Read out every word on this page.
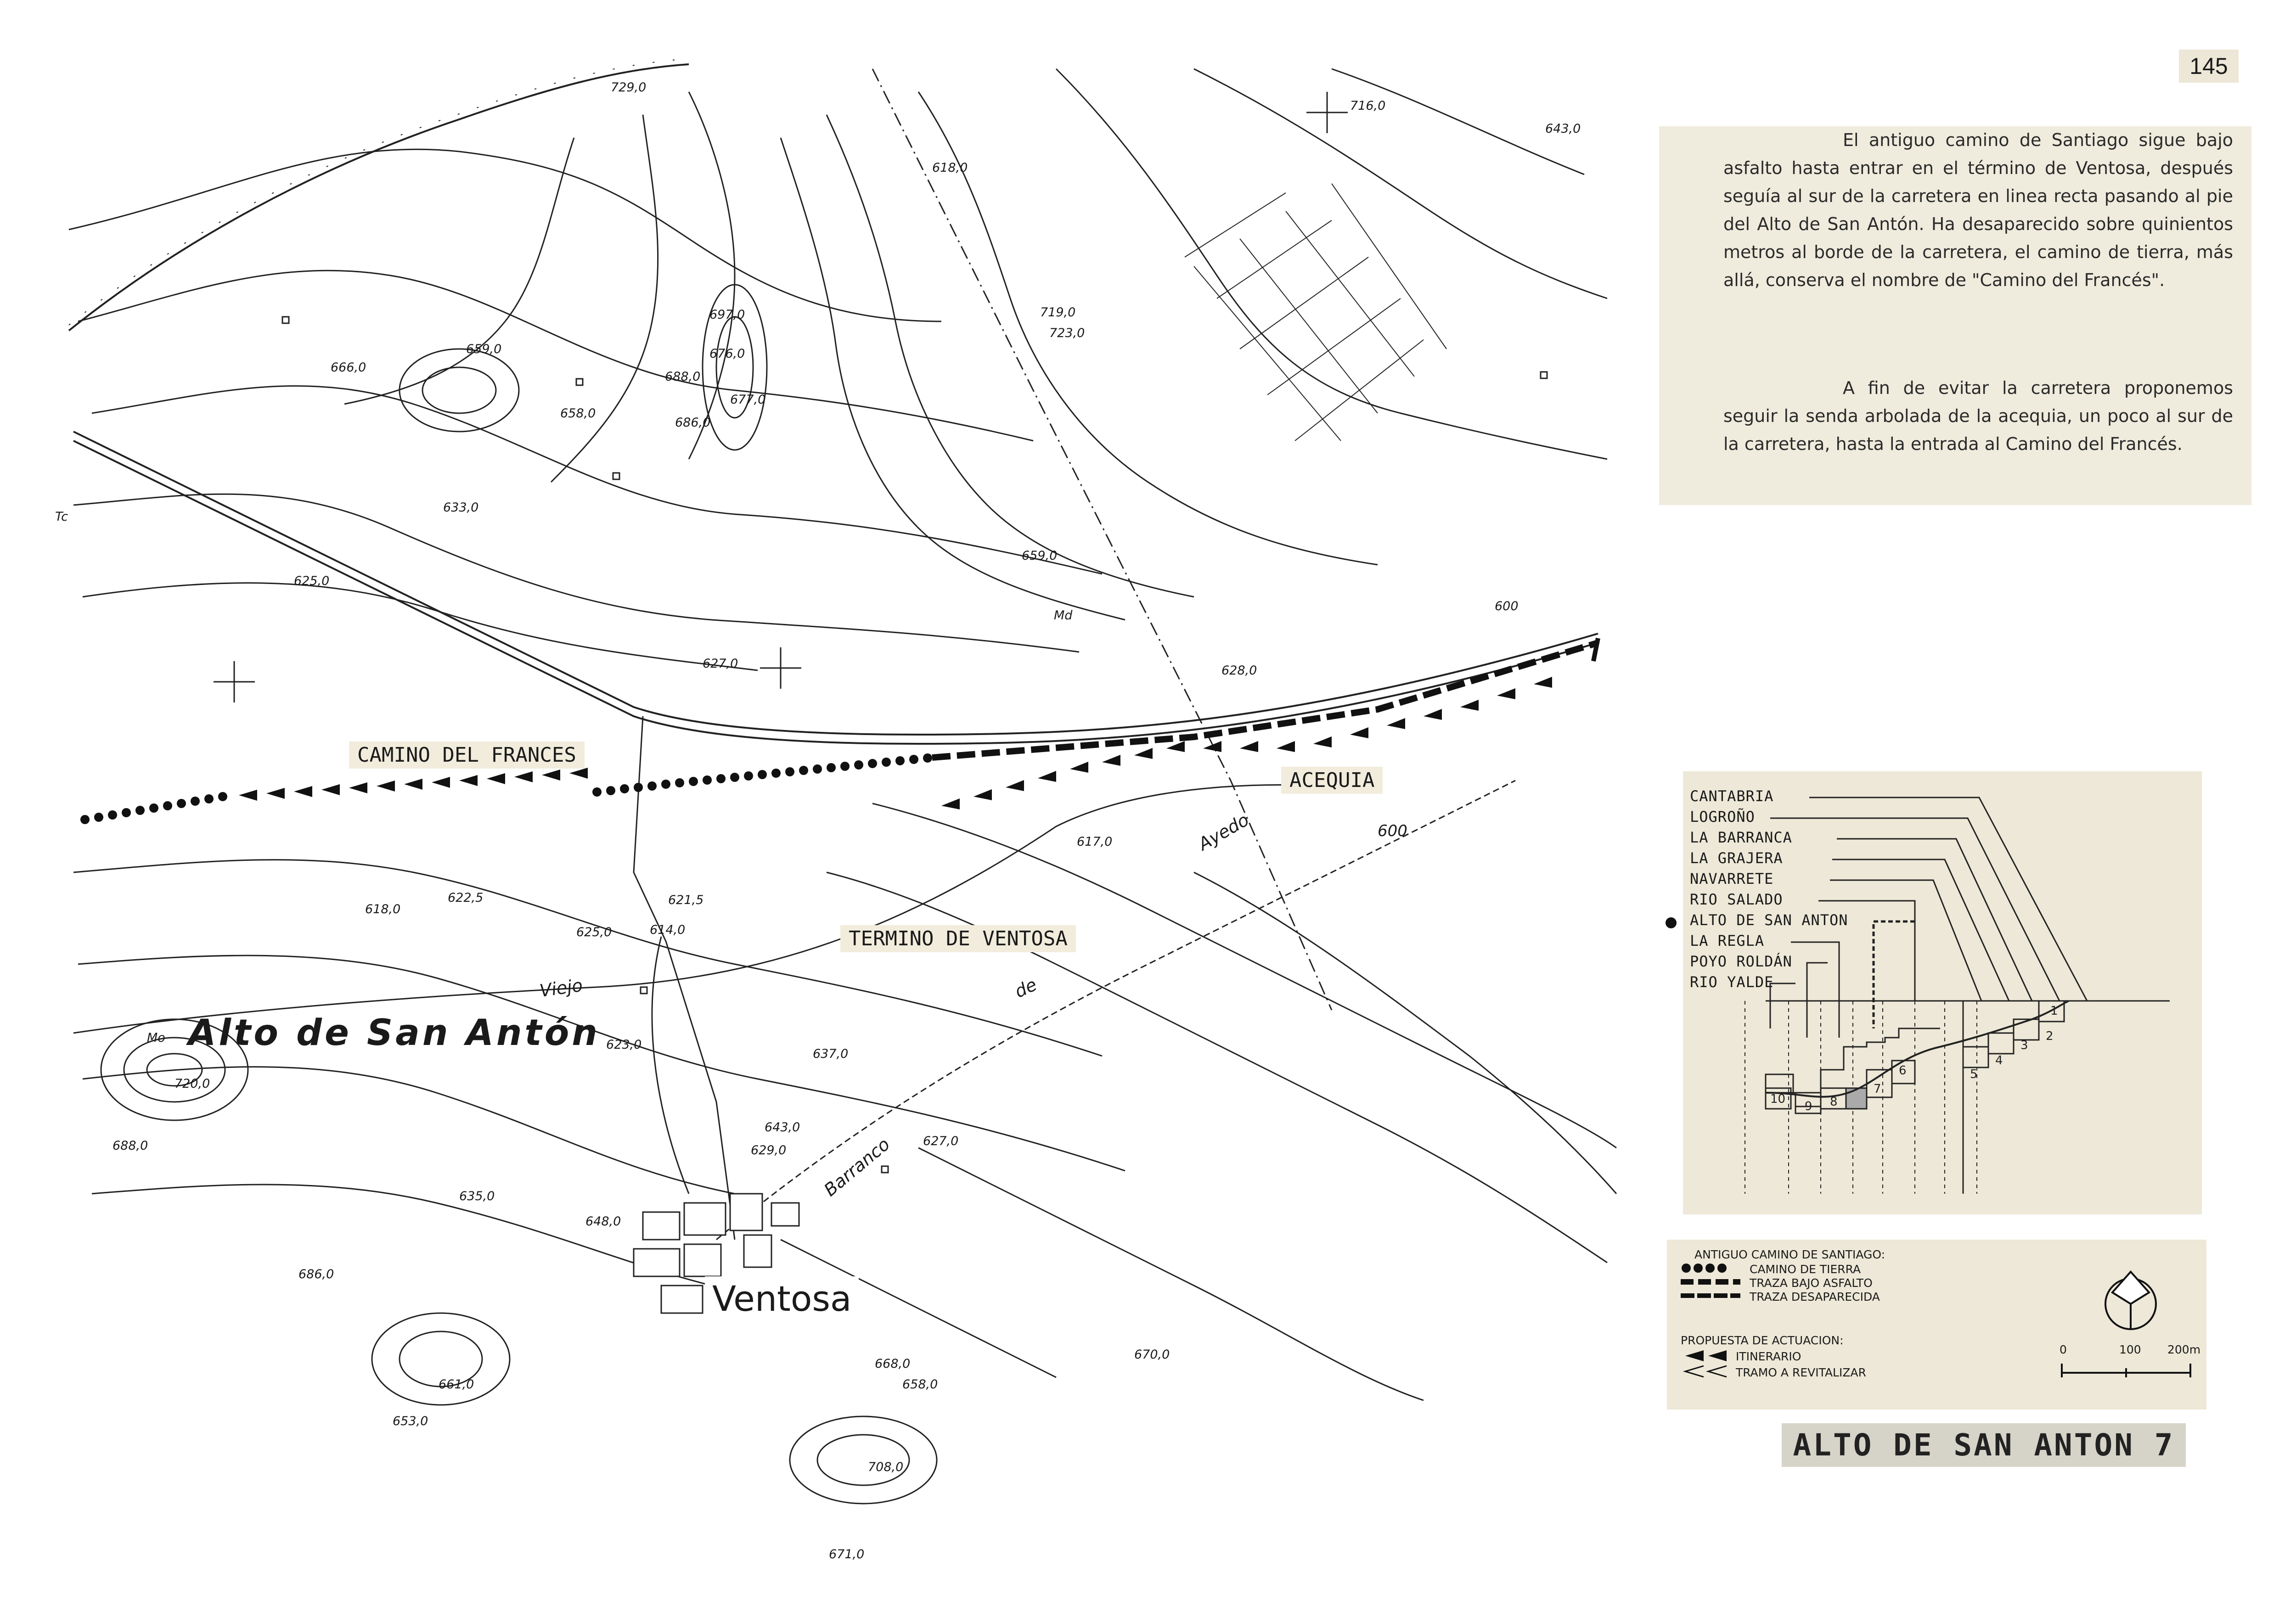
145
729,0
716,0
643,0
618,0
697,0
676,0
688,0
677,0
686,0
719,0
723,0
666,0
659,0
658,0
633,0
625,0
659,0
627,0	628,0
600
617,0
622,5
618,0
625,0
621,5
614,0
623,0
637,0
720,0
688,0
643,0
629,0
627,0
635,0
648,0
686,0
668,0
658,0
670,0
661,0
653,0
708,0
671,0
CAMINO DEL FRANCES
ACEQUIA
TERMINO DE VENTOSA
Alto de San Antón
Ventosa
Viejo	de
Ayedo
Barranco
Mo
Md
Tc
600

El antiguo camino de Santiago sigue bajo asfalto hasta entrar en el término de Ventosa, después seguía al sur de la carretera en linea recta pasando al pie del Alto de San Antón. Ha desaparecido sobre quinientos metros al borde de la carretera, el camino de tierra, más allá, conserva el nombre de "Camino del Francés".

A fin de evitar la carretera proponemos seguir la senda arbolada de la acequia, un poco al sur de la carretera, hasta la entrada al Camino del Francés.

CANTABRIA
LOGROÑO
LA BARRANCA
LA GRAJERA
NAVARRETE
RIO SALADO
ALTO DE SAN ANTON
LA REGLA
POYO ROLDÁN
RIO YALDE
1
2
3
4
5
6
7
8
9
10
ANTIGUO CAMINO DE SANTIAGO:
CAMINO DE TIERRA
TRAZA BAJO ASFALTO
TRAZA DESAPARECIDA
PROPUESTA DE ACTUACION:
ITINERARIO
TRAMO A REVITALIZAR
0	100 200m
ALTO DE SAN ANTON 7
